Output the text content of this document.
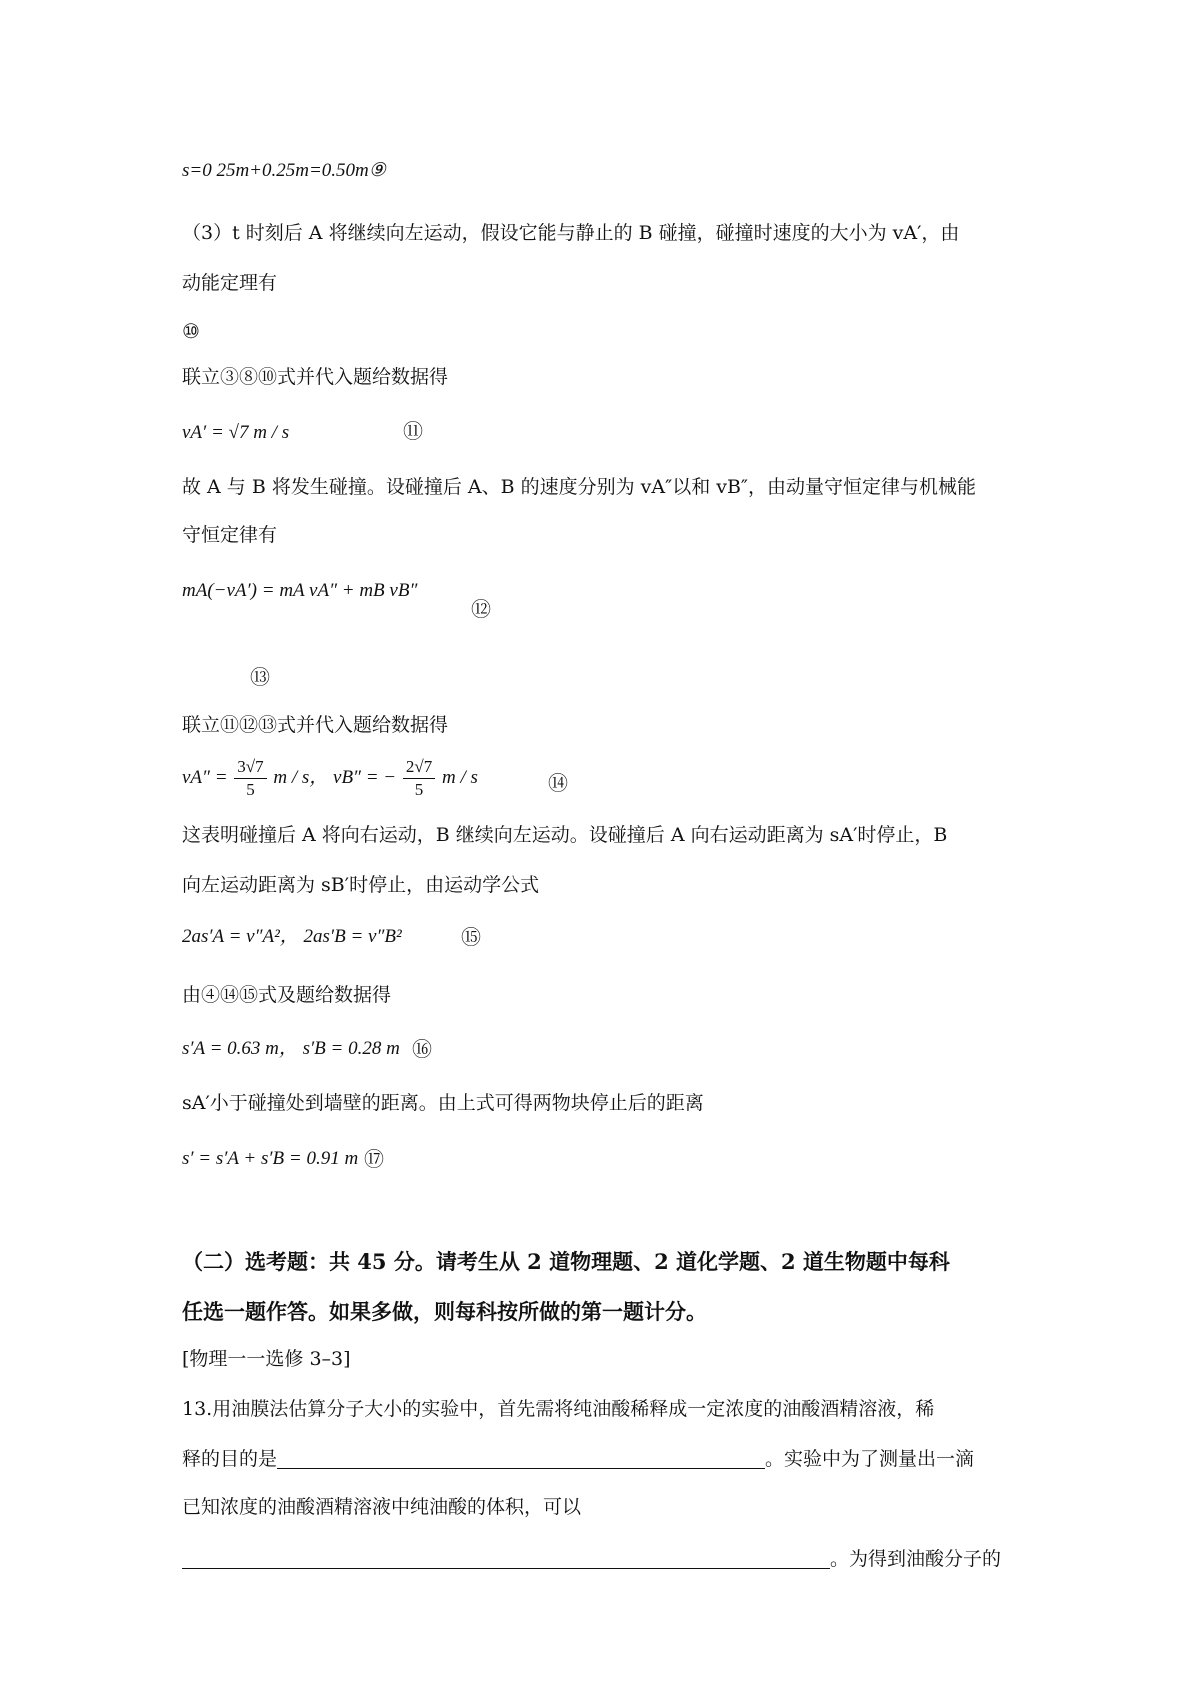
s=0 25m+0.25m=0.50m⑨
（3）t 时刻后 A 将继续向左运动，假设它能与静止的 B 碰撞，碰撞时速度的大小为 vA′，由
动能定理有
⑩
联立③⑧⑩式并代入题给数据得
vA′ = √7 m / s	⑪
故 A 与 B 将发生碰撞。设碰撞后 A、B 的速度分别为 vA″以和 vB″，由动量守恒定律与机械能
守恒定律有
mA(−vA′) = mA vA″ + mB vB″
⑫
⑬
联立⑪⑫⑬式并代入题给数据得
$vA'' = \frac{3√7}{5}$ m / s， vB″ = − $\frac{2√7}{5}$ m / s	⑭
这表明碰撞后 A 将向右运动，B 继续向左运动。设碰撞后 A 向右运动距离为 sA′时停止，B
向左运动距离为 sB′时停止，由运动学公式
2as′A = v″A²， 2as′B = v″B²	⑮
由④⑭⑮式及题给数据得
s′A = 0.63 m， s′B = 0.28 m ⑯
sA′小于碰撞处到墙壁的距离。由上式可得两物块停止后的距离
s′ = s′A + s′B = 0.91 m ⑰
（二）选考题：共 45 分。请考生从 2 道物理题、2 道化学题、2 道生物题中每科
任选一题作答。如果多做，则每科按所做的第一题计分。
[物理一一选修 3–3]
13.用油膜法估算分子大小的实验中，首先需将纯油酸稀释成一定浓度的油酸酒精溶液，稀
释的目的是	。实验中为了测量出一滴
已知浓度的油酸酒精溶液中纯油酸的体积，可以
。为得到油酸分子的
